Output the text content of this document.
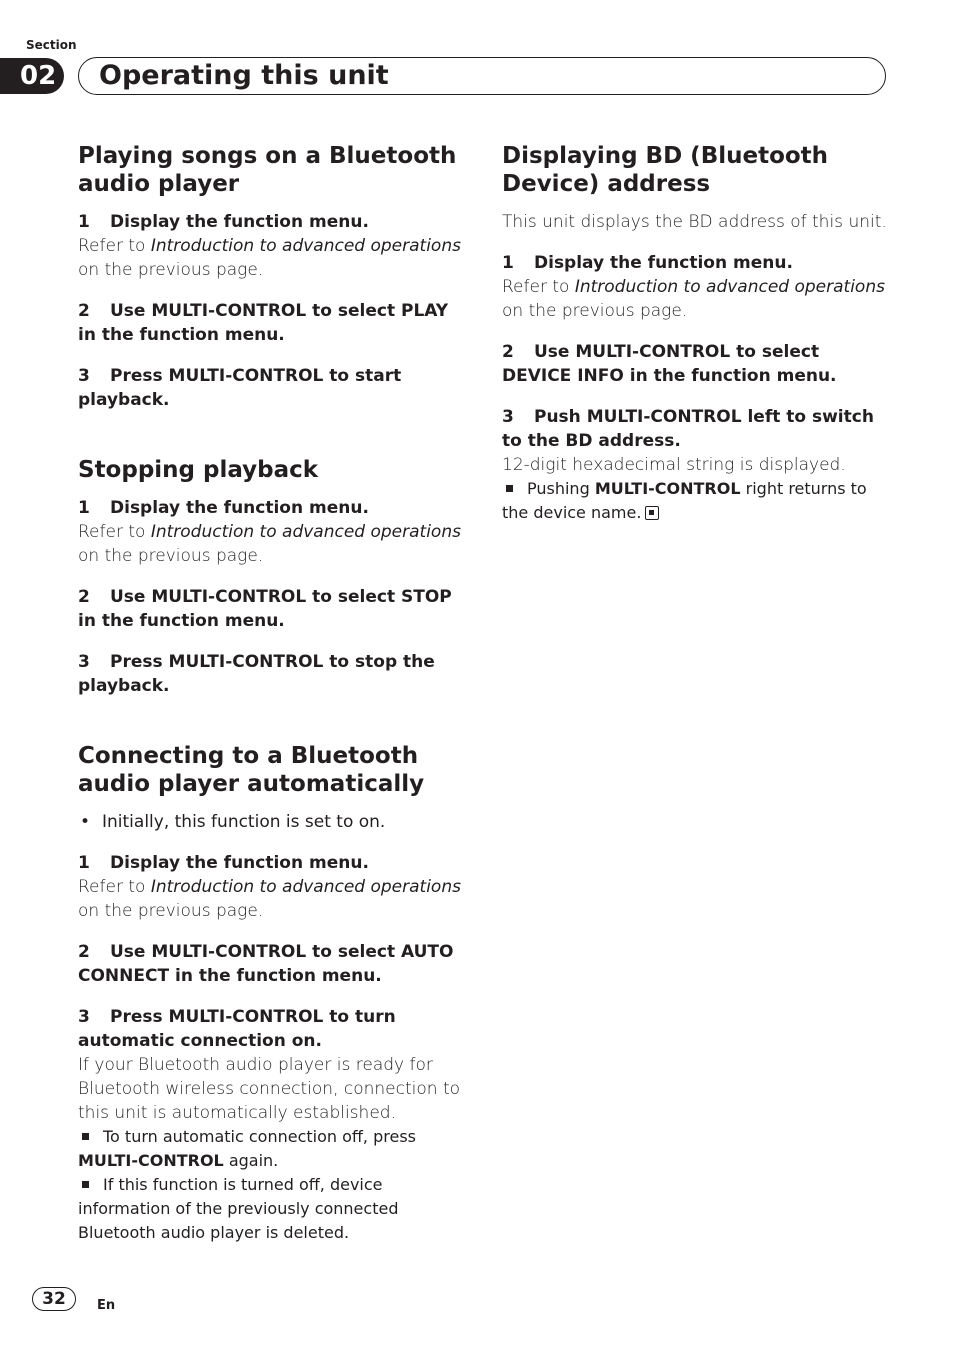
Section
02 Operating this unit
Playing songs on a Bluetooth audio player

1 Display the function menu.

Refer to Introduction to advanced operations on the previous page.

2 Use MULTI-CONTROL to select PLAY in the function menu.

3 Press MULTI-CONTROL to start playback.

Stopping playback

1 Display the function menu.

Refer to Introduction to advanced operations on the previous page.

2 Use MULTI-CONTROL to select STOP in the function menu.

3 Press MULTI-CONTROL to stop the playback.

Connecting to a Bluetooth audio player automatically

• Initially, this function is set to on.

1 Display the function menu.

Refer to Introduction to advanced operations on the previous page.

2 Use MULTI-CONTROL to select AUTO CONNECT in the function menu.

3 Press MULTI-CONTROL to turn automatic connection on.

If your Bluetooth audio player is ready for Bluetooth wireless connection, connection to this unit is automatically established.

To turn automatic connection off, press MULTI-CONTROL again.

If this function is turned off, device information of the previously connected Bluetooth audio player is deleted.

Displaying BD (Bluetooth Device) address

This unit displays the BD address of this unit.

1 Display the function menu.

Refer to Introduction to advanced operations on the previous page.

2 Use MULTI-CONTROL to select DEVICE INFO in the function menu.

3 Push MULTI-CONTROL left to switch to the BD address.

12-digit hexadecimal string is displayed.

Pushing MULTI-CONTROL right returns to the device name.

32	En
